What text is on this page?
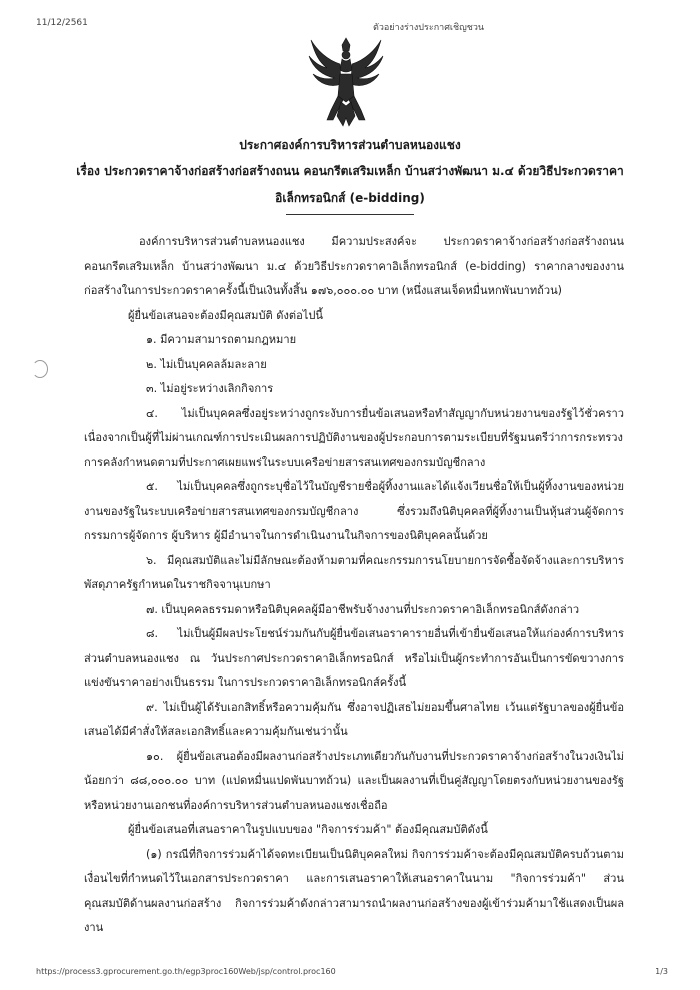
11/12/2561	ตัวอย่างร่างประกาศเชิญชวน
ประกาศองค์การบริหารส่วนตำบลหนองแชง
เรื่อง ประกวดราคาจ้างก่อสร้างก่อสร้างถนน คอนกรีตเสริมเหล็ก บ้านสว่างพัฒนา ม.๔ ด้วยวิธีประกวดราคา
อิเล็กทรอนิกส์ (e-bidding)

องค์การบริหารส่วนตำบลหนองแชง มีความประสงค์จะ ประกวดราคาจ้างก่อสร้างก่อสร้างถนน คอนกรีตเสริมเหล็ก บ้านสว่างพัฒนา ม.๔ ด้วยวิธีประกวดราคาอิเล็กทรอนิกส์ (e-bidding) ราคากลางของงานก่อสร้างในการประกวดราคาครั้งนี้เป็นเงินทั้งสิ้น ๑๗๖,๐๐๐.๐๐ บาท (หนึ่งแสนเจ็ดหมื่นหกพันบาทถ้วน)

ผู้ยื่นข้อเสนอจะต้องมีคุณสมบัติ ดังต่อไปนี้

๑. มีความสามารถตามกฎหมาย

๒. ไม่เป็นบุคคลล้มละลาย

๓. ไม่อยู่ระหว่างเลิกกิจการ

๔. ไม่เป็นบุคคลซึ่งอยู่ระหว่างถูกระงับการยื่นข้อเสนอหรือทำสัญญากับหน่วยงานของรัฐไว้ชั่วคราว เนื่องจากเป็นผู้ที่ไม่ผ่านเกณฑ์การประเมินผลการปฏิบัติงานของผู้ประกอบการตามระเบียบที่รัฐมนตรีว่าการกระทรวงการคลังกำหนดตามที่ประกาศเผยแพร่ในระบบเครือข่ายสารสนเทศของกรมบัญชีกลาง

๕. ไม่เป็นบุคคลซึ่งถูกระบุชื่อไว้ในบัญชีรายชื่อผู้ทิ้งงานและได้แจ้งเวียนชื่อให้เป็นผู้ทิ้งงานของหน่วยงานของรัฐในระบบเครือข่ายสารสนเทศของกรมบัญชีกลาง ซึ่งรวมถึงนิติบุคคลที่ผู้ทิ้งงานเป็นหุ้นส่วนผู้จัดการ กรรมการผู้จัดการ ผู้บริหาร ผู้มีอำนาจในการดำเนินงานในกิจการของนิติบุคคลนั้นด้วย

๖. มีคุณสมบัติและไม่มีลักษณะต้องห้ามตามที่คณะกรรมการนโยบายการจัดซื้อจัดจ้างและการบริหารพัสดุภาครัฐกำหนดในราชกิจจานุเบกษา

๗. เป็นบุคคลธรรมดาหรือนิติบุคคลผู้มีอาชีพรับจ้างงานที่ประกวดราคาอิเล็กทรอนิกส์ดังกล่าว

๘. ไม่เป็นผู้มีผลประโยชน์ร่วมกันกับผู้ยื่นข้อเสนอราคารายอื่นที่เข้ายื่นข้อเสนอให้แก่องค์การบริหารส่วนตำบลหนองแชง ณ วันประกาศประกวดราคาอิเล็กทรอนิกส์ หรือไม่เป็นผู้กระทำการอันเป็นการขัดขวางการแข่งขันราคาอย่างเป็นธรรม ในการประกวดราคาอิเล็กทรอนิกส์ครั้งนี้

๙. ไม่เป็นผู้ได้รับเอกสิทธิ์หรือความคุ้มกัน ซึ่งอาจปฏิเสธไม่ยอมขึ้นศาลไทย เว้นแต่รัฐบาลของผู้ยื่นข้อเสนอได้มีคำสั่งให้สละเอกสิทธิ์และความคุ้มกันเช่นว่านั้น

๑๐. ผู้ยื่นข้อเสนอต้องมีผลงานก่อสร้างประเภทเดียวกันกับงานที่ประกวดราคาจ้างก่อสร้างในวงเงินไม่น้อยกว่า ๘๘,๐๐๐.๐๐ บาท (แปดหมื่นแปดพันบาทถ้วน) และเป็นผลงานที่เป็นคู่สัญญาโดยตรงกับหน่วยงานของรัฐหรือหน่วยงานเอกชนที่องค์การบริหารส่วนตำบลหนองแชงเชื่อถือ

ผู้ยื่นข้อเสนอที่เสนอราคาในรูปแบบของ "กิจการร่วมค้า" ต้องมีคุณสมบัติดังนี้

(๑) กรณีที่กิจการร่วมค้าได้จดทะเบียนเป็นนิติบุคคลใหม่ กิจการร่วมค้าจะต้องมีคุณสมบัติครบถ้วนตามเงื่อนไขที่กำหนดไว้ในเอกสารประกวดราคา และการเสนอราคาให้เสนอราคาในนาม "กิจการร่วมค้า" ส่วนคุณสมบัติด้านผลงานก่อสร้าง กิจการร่วมค้าดังกล่าวสามารถนำผลงานก่อสร้างของผู้เข้าร่วมค้ามาใช้แสดงเป็นผลงาน

https://process3.gprocurement.go.th/egp3proc160Web/jsp/control.proc160	1/3
